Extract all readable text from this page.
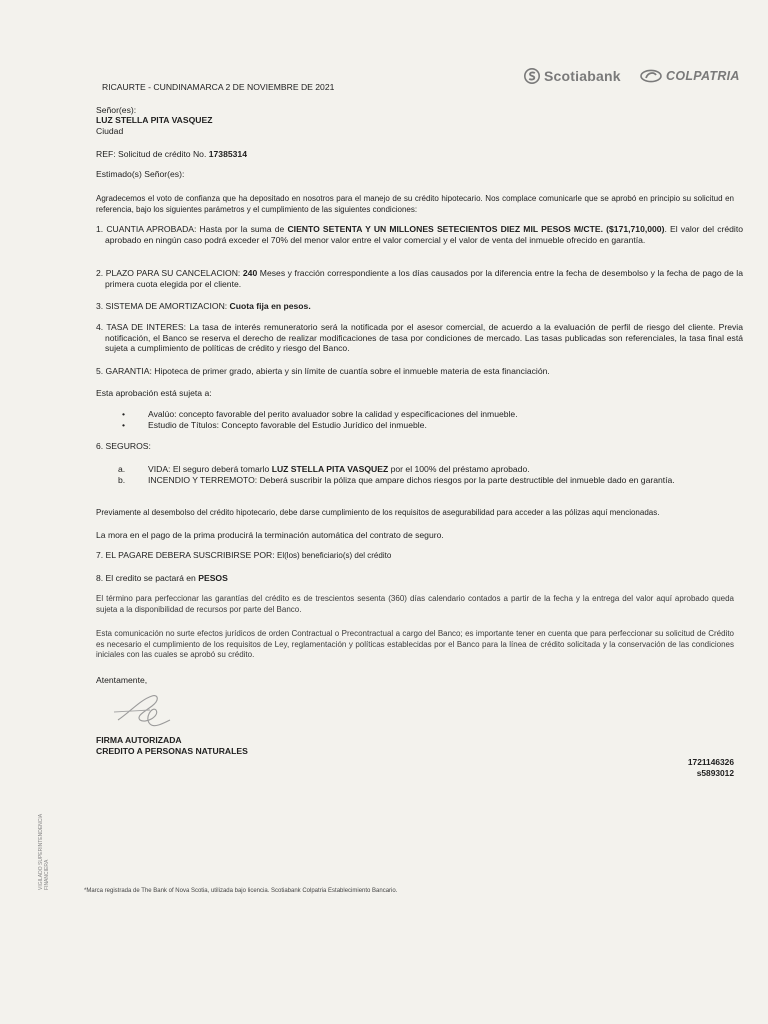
Scotiabank	COLPATRIA
RICAURTE - CUNDINAMARCA 2 DE NOVIEMBRE DE 2021
Señor(es):
LUZ STELLA PITA VASQUEZ
Ciudad
REF: Solicitud de crédito No. 17385314
Estimado(s) Señor(es):
Agradecemos el voto de confianza que ha depositado en nosotros para el manejo de su crédito hipotecario. Nos complace comunicarle que se aprobó en principio su solicitud en referencia, bajo los siguientes parámetros y el cumplimiento de las siguientes condiciones:
1. CUANTIA APROBADA: Hasta por la suma de CIENTO SETENTA Y UN MILLONES SETECIENTOS DIEZ MIL PESOS M/CTE. ($171,710,000). El valor del crédito aprobado en ningún caso podrá exceder el 70% del menor valor entre el valor comercial y el valor de venta del inmueble ofrecido en garantía.
2. PLAZO PARA SU CANCELACION: 240 Meses y fracción correspondiente a los días causados por la diferencia entre la fecha de desembolso y la fecha de pago de la primera cuota elegida por el cliente.
3. SISTEMA DE AMORTIZACION: Cuota fija en pesos.
4. TASA DE INTERES: La tasa de interés remuneratorio será la notificada por el asesor comercial, de acuerdo a la evaluación de perfil de riesgo del cliente. Previa notificación, el Banco se reserva el derecho de realizar modificaciones de tasa por condiciones de mercado. Las tasas publicadas son referenciales, la tasa final está sujeta a cumplimiento de políticas de crédito y riesgo del Banco.
5. GARANTIA: Hipoteca de primer grado, abierta y sin límite de cuantía sobre el inmueble materia de esta financiación.
Esta aprobación está sujeta a:
•	Avalúo: concepto favorable del perito avaluador sobre la calidad y especificaciones del inmueble.
•	Estudio de Títulos: Concepto favorable del Estudio Jurídico del inmueble.
6. SEGUROS:
a.	VIDA: El seguro deberá tomarlo LUZ STELLA PITA VASQUEZ por el 100% del préstamo aprobado.
b.	INCENDIO Y TERREMOTO: Deberá suscribir la póliza que ampare dichos riesgos por la parte destructible del inmueble dado en garantía.
Previamente al desembolso del crédito hipotecario, debe darse cumplimiento de los requisitos de asegurabilidad para acceder a las pólizas aquí mencionadas.
La mora en el pago de la prima producirá la terminación automática del contrato de seguro.
7. EL PAGARE DEBERA SUSCRIBIRSE POR: El(los) beneficiario(s) del crédito
8. El credito se pactará en PESOS
El término para perfeccionar las garantías del crédito es de trescientos sesenta (360) días calendario contados a partir de la fecha y la entrega del valor aquí aprobado queda sujeta a la disponibilidad de recursos por parte del Banco.
Esta comunicación no surte efectos jurídicos de orden Contractual o Precontractual a cargo del Banco; es importante tener en cuenta que para perfeccionar su solicitud de Crédito es necesario el cumplimiento de los requisitos de Ley, reglamentación y políticas establecidas por el Banco para la línea de crédito solicitada y la conservación de las condiciones iniciales con las cuales se aprobó su crédito.
Atentamente,
FIRMA AUTORIZADA
CREDITO A PERSONAS NATURALES
1721146326
s5893012
VIGILADO SUPERINTENDENCIA FINANCIERA
*Marca registrada de The Bank of Nova Scotia, utilizada bajo licencia. Scotiabank Colpatria Establecimiento Bancario.
